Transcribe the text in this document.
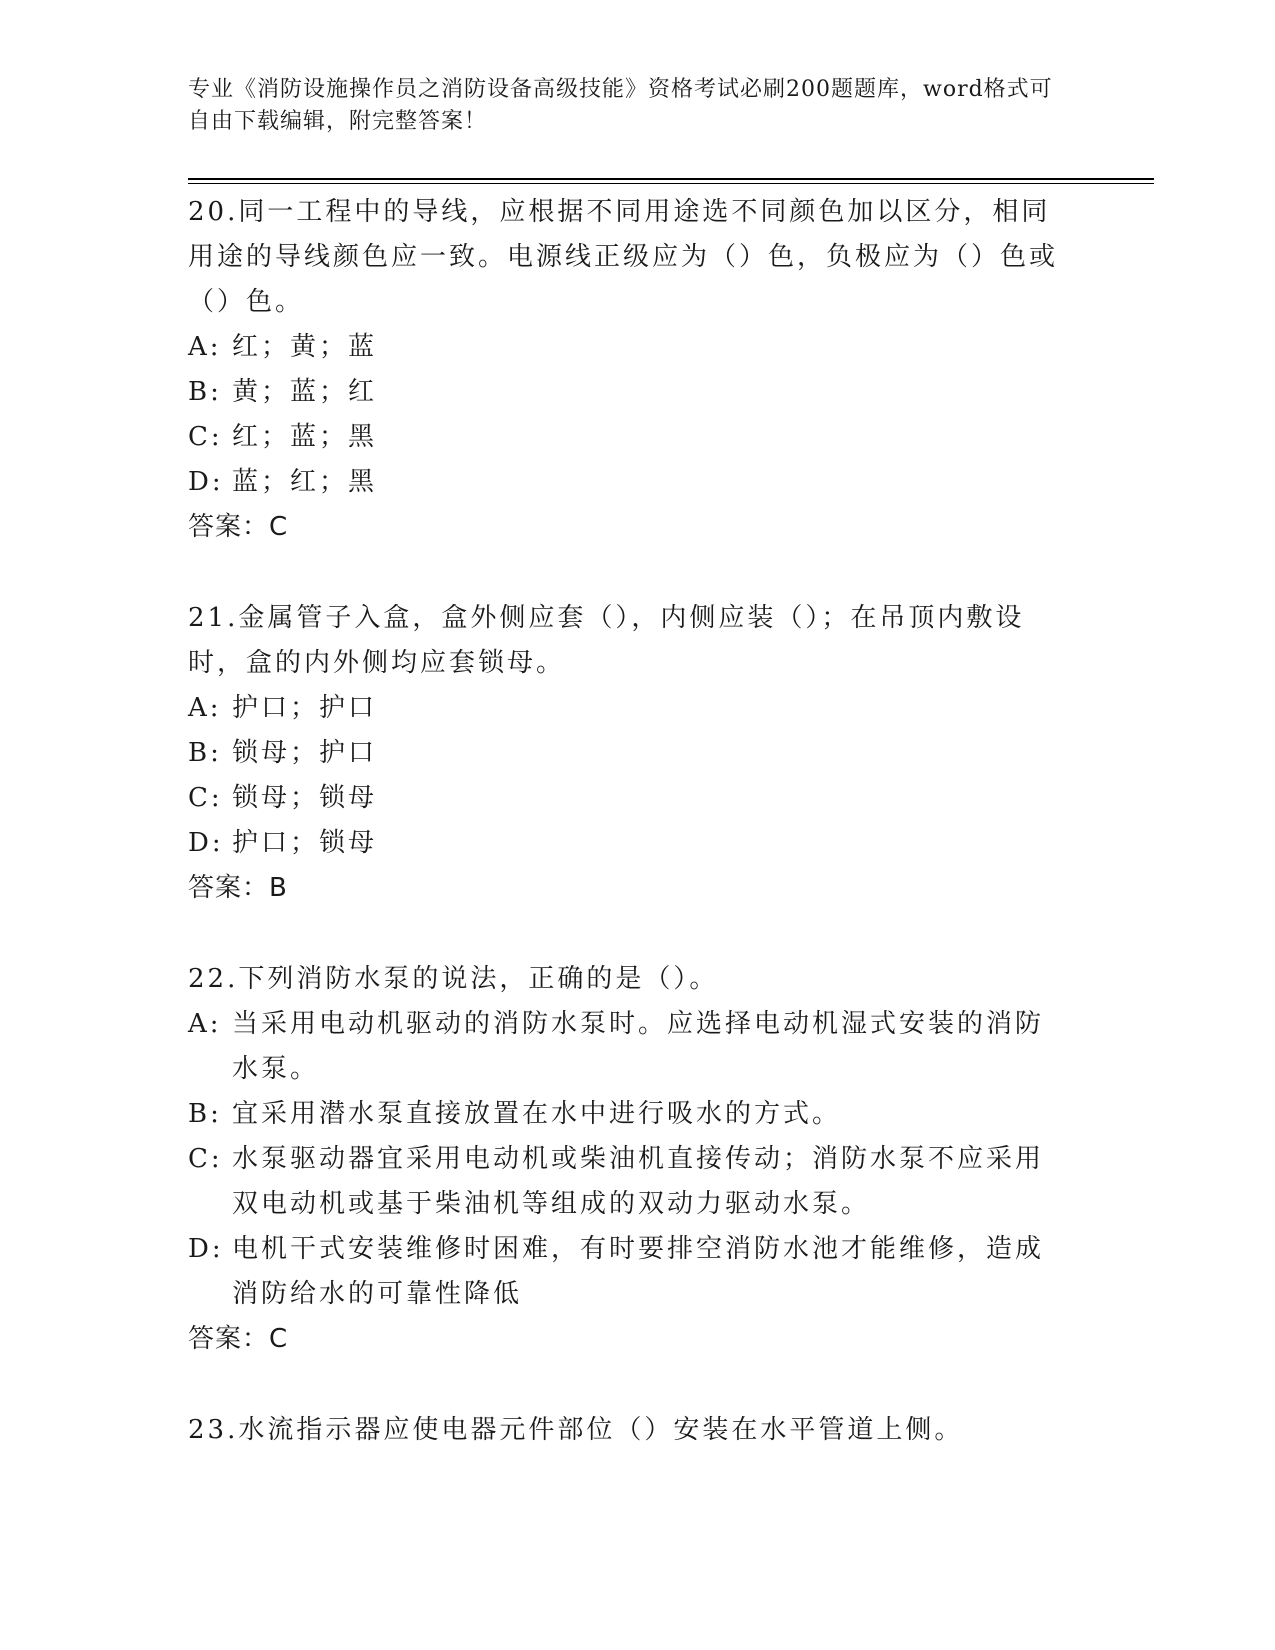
专业《消防设施操作员之消防设备高级技能》资格考试必刷200题题库，word格式可自由下载编辑，附完整答案！
20.同一工程中的导线，应根据不同用途选不同颜色加以区分，相同用途的导线颜色应一致。电源线正级应为（）色，负极应为（）色或（）色。
A: 红；黄；蓝
B: 黄；蓝；红
C: 红；蓝；黑
D: 蓝；红；黑
答案：C
21.金属管子入盒，盒外侧应套（），内侧应装（）；在吊顶内敷设时，盒的内外侧均应套锁母。
A: 护口；护口
B: 锁母；护口
C: 锁母；锁母
D: 护口；锁母
答案：B
22.下列消防水泵的说法，正确的是（）。
A: 当采用电动机驱动的消防水泵时。应选择电动机湿式安装的消防水泵。
B: 宜采用潜水泵直接放置在水中进行吸水的方式。
C: 水泵驱动器宜采用电动机或柴油机直接传动；消防水泵不应采用双电动机或基于柴油机等组成的双动力驱动水泵。
D: 电机干式安装维修时困难，有时要排空消防水池才能维修，造成消防给水的可靠性降低
答案：C
23.水流指示器应使电器元件部位（）安装在水平管道上侧。
